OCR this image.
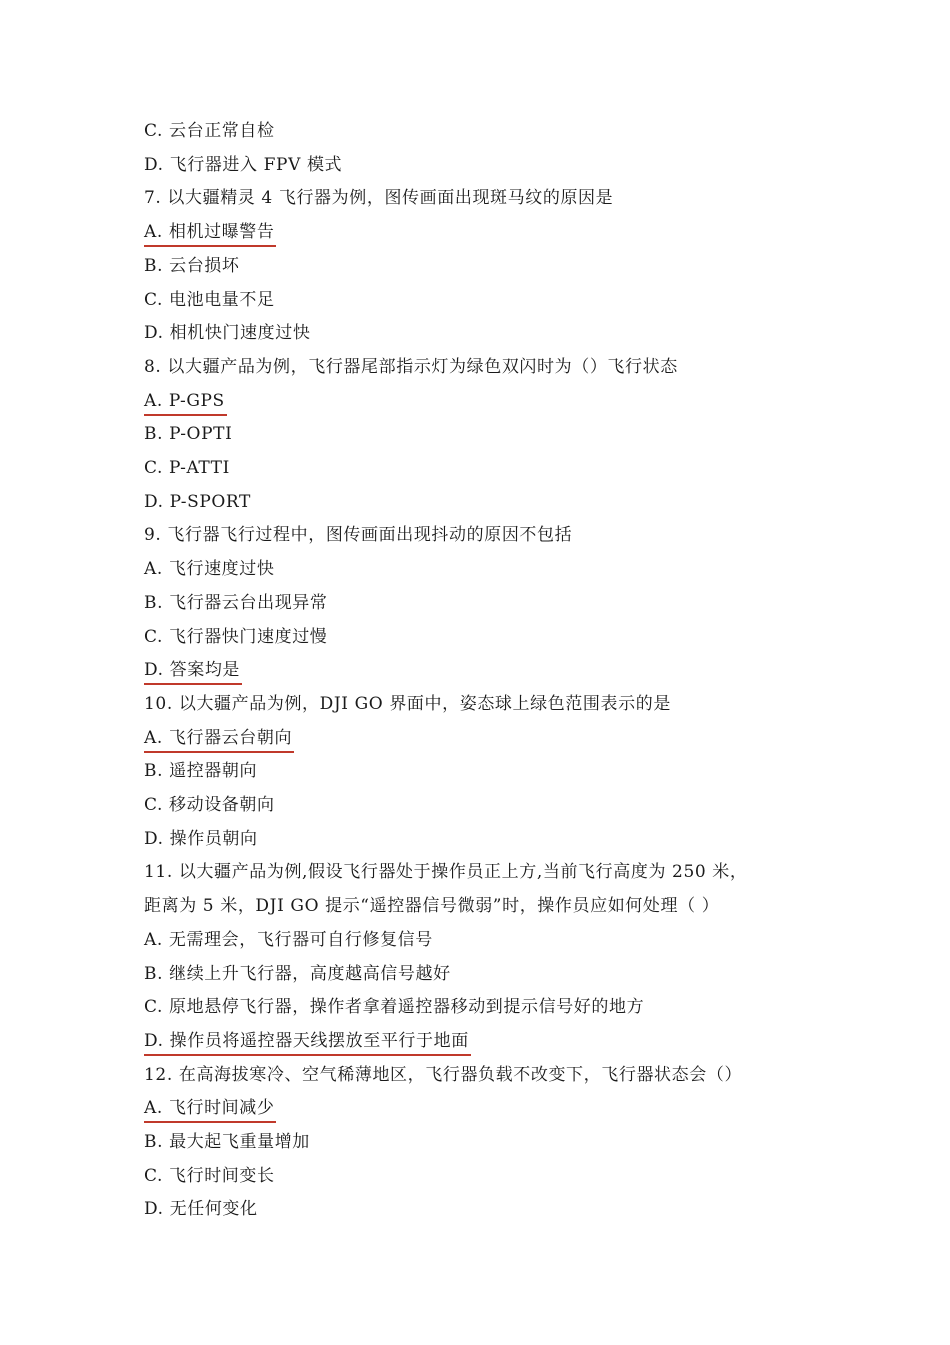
C. 云台正常自检
D. 飞行器进入 FPV 模式
7. 以大疆精灵 4 飞行器为例，图传画面出现斑马纹的原因是
A. 相机过曝警告
B. 云台损坏
C. 电池电量不足
D. 相机快门速度过快
8. 以大疆产品为例，飞行器尾部指示灯为绿色双闪时为（）飞行状态
A. P-GPS
B. P-OPTI
C. P-ATTI
D. P-SPORT
9. 飞行器飞行过程中，图传画面出现抖动的原因不包括
A. 飞行速度过快
B. 飞行器云台出现异常
C. 飞行器快门速度过慢
D. 答案均是
10. 以大疆产品为例，DJI GO 界面中，姿态球上绿色范围表示的是
A. 飞行器云台朝向
B. 遥控器朝向
C. 移动设备朝向
D. 操作员朝向
11. 以大疆产品为例,假设飞行器处于操作员正上方,当前飞行高度为 250 米，
距离为 5 米，DJI GO 提示“遥控器信号微弱”时，操作员应如何处理（ ）
A. 无需理会，飞行器可自行修复信号
B. 继续上升飞行器，高度越高信号越好
C. 原地悬停飞行器，操作者拿着遥控器移动到提示信号好的地方
D. 操作员将遥控器天线摆放至平行于地面
12. 在高海拔寒冷、空气稀薄地区，飞行器负载不改变下，飞行器状态会（）
A. 飞行时间减少
B. 最大起飞重量增加
C. 飞行时间变长
D. 无任何变化
